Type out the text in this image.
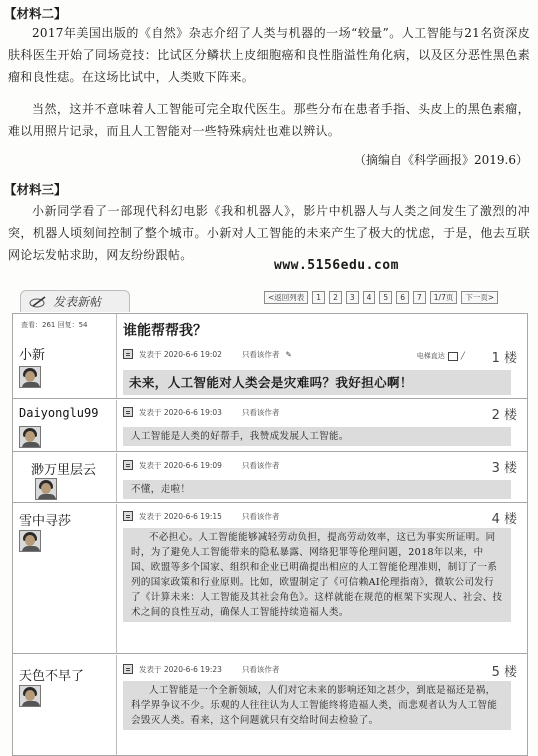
【材料二】
2017年美国出版的《自然》杂志介绍了人类与机器的一场“较量”。人工智能与21名资深皮肤科医生开始了同场竞技：比试区分鳞状上皮细胞癌和良性脂溢性角化病，以及区分恶性黑色素瘤和良性痣。在这场比试中，人类败下阵来。
当然，这并不意味着人工智能可完全取代医生。那些分布在患者手指、头皮上的黑色素瘤，难以用照片记录，而且人工智能对一些特殊病灶也难以辨认。
（摘编自《科学画报》2019.6）
【材料三】
小新同学看了一部现代科幻电影《我和机器人》，影片中机器人与人类之间发生了激烈的冲突，机器人顷刻间控制了整个城市。小新对人工智能的未来产生了极大的忧虑，于是，他去互联网论坛发帖求助，网友纷纷跟帖。
www.5156edu.com
发表新帖	<返回列表	1	2	3	4	5	6	7	1/7页	下一页>
查看：261 回复：54
小新
谁能帮帮我？
发表于 2020-6-6 19:02	只看该作者 ✎	电梯直达 ╱ 1 楼
未来，人工智能对人类会是灾难吗？我好担心啊！
Daiyonglu99	发表于 2020-6-6 19:03	只看该作者	2 楼
人工智能是人类的好帮手，我赞成发展人工智能。
渺万里层云	发表于 2020-6-6 19:09	只看该作者	3 楼
不懂，走啦！
雪中寻莎	发表于 2020-6-6 19:15	只看该作者	4 楼
不必担心。人工智能能够减轻劳动负担，提高劳动效率，这已为事实所证明。同时，为了避免人工智能带来的隐私暴露、网络犯罪等伦理问题，2018年以来，中国、欧盟等多个国家、组织和企业已明确提出相应的人工智能伦理准则，制订了一系列的国家政策和行业原则。比如，欧盟制定了《可信赖AI伦理指南》，微软公司发行了《计算未来：人工智能及其社会角色》。这样就能在规范的框架下实现人、社会、技术之间的良性互动，确保人工智能持续造福人类。
天色不早了	发表于 2020-6-6 19:23	只看该作者	5 楼
人工智能是一个全新领域，人们对它未来的影响还知之甚少，到底是福还是祸，科学界争议不少。乐观的人往往认为人工智能终将造福人类，而悲观者认为人工智能会毁灭人类。看来，这个问题就只有交给时间去检验了。
